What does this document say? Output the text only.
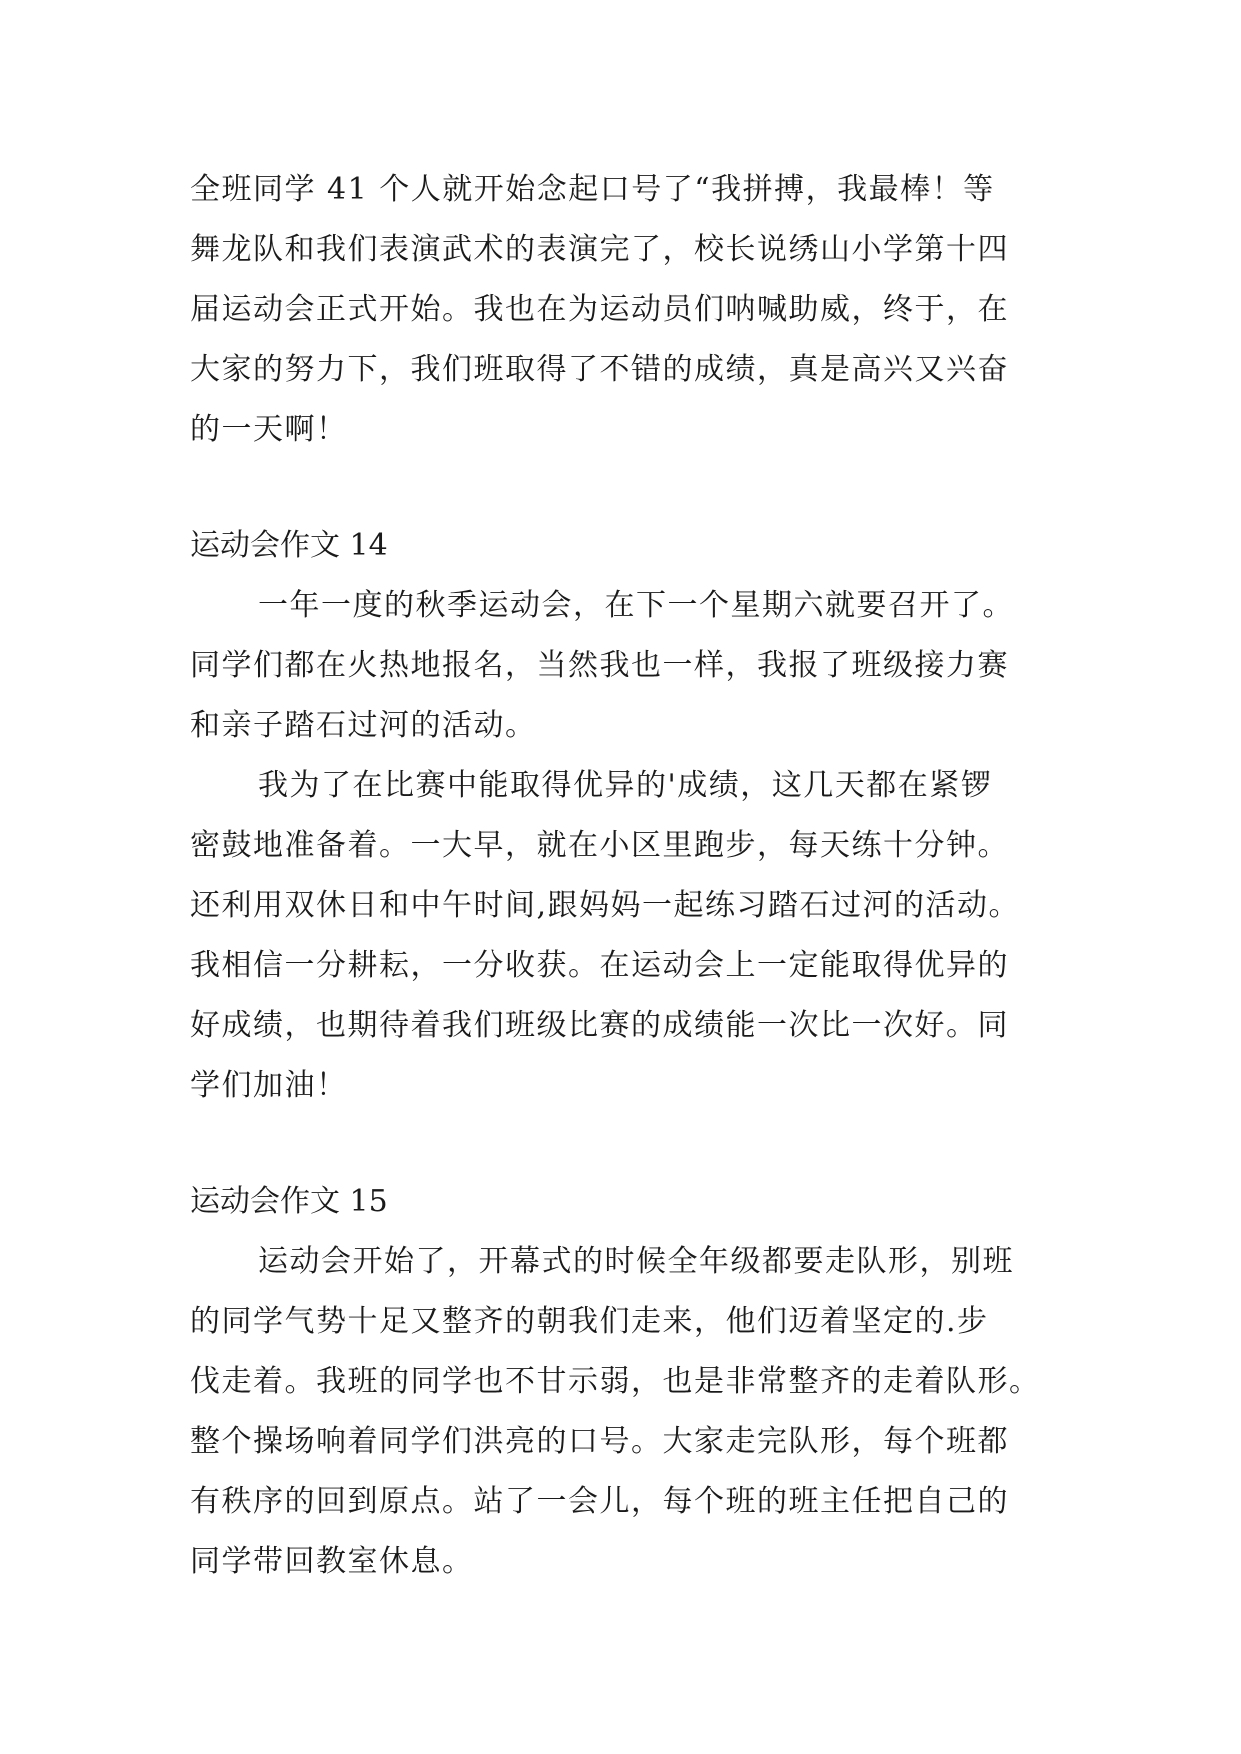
全班同学 41 个人就开始念起口号了“我拼搏，我最棒！等
舞龙队和我们表演武术的表演完了，校长说绣山小学第十四
届运动会正式开始。我也在为运动员们呐喊助威，终于，在
大家的努力下，我们班取得了不错的成绩，真是高兴又兴奋
的一天啊！
运动会作文 14
一年一度的秋季运动会，在下一个星期六就要召开了。
同学们都在火热地报名，当然我也一样，我报了班级接力赛
和亲子踏石过河的活动。
我为了在比赛中能取得优异的'成绩，这几天都在紧锣
密鼓地准备着。一大早，就在小区里跑步，每天练十分钟。
还利用双休日和中午时间,跟妈妈一起练习踏石过河的活动。
我相信一分耕耘，一分收获。在运动会上一定能取得优异的
好成绩，也期待着我们班级比赛的成绩能一次比一次好。同
学们加油！
运动会作文 15
运动会开始了，开幕式的时候全年级都要走队形，别班
的同学气势十足又整齐的朝我们走来，他们迈着坚定的.步
伐走着。我班的同学也不甘示弱，也是非常整齐的走着队形。
整个操场响着同学们洪亮的口号。大家走完队形，每个班都
有秩序的回到原点。站了一会儿，每个班的班主任把自己的
同学带回教室休息。
